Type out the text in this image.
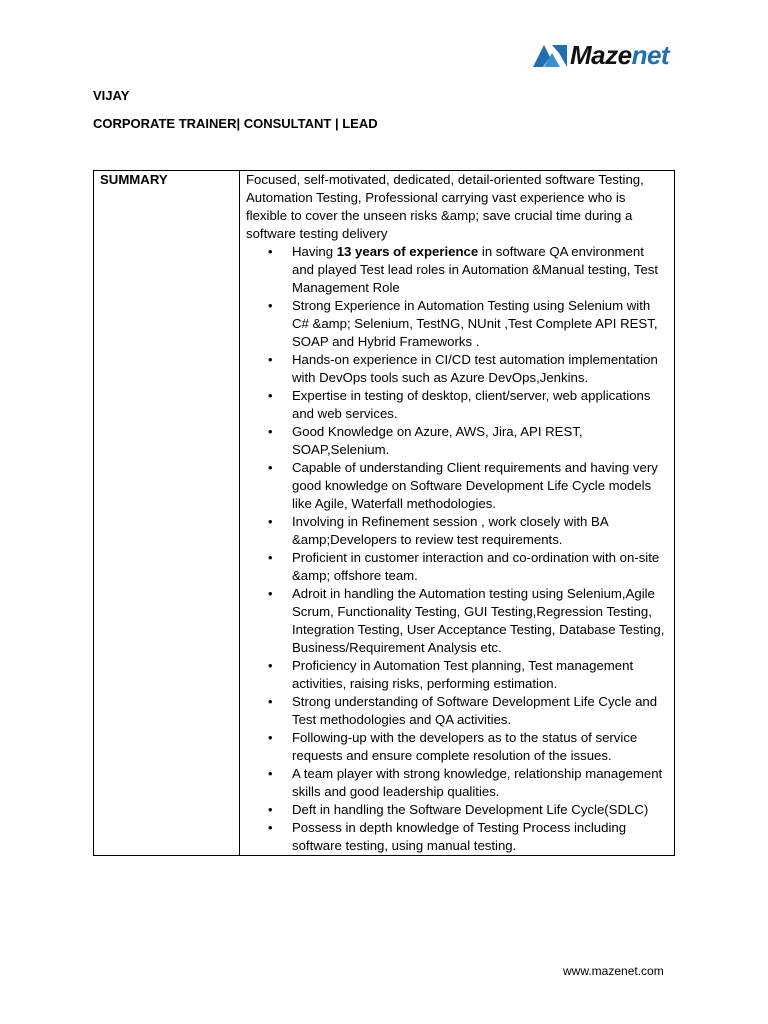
Mazenet
VIJAY
CORPORATE TRAINER| CONSULTANT | LEAD
SUMMARY	Focused, self-motivated, dedicated, detail-oriented software Testing, Automation Testing, Professional carrying vast experience who is flexible to cover the unseen risks &amp; save crucial time during a software testing delivery

• Having 13 years of experience in software QA environment and played Test lead roles in Automation &Manual testing, Test Management Role
• Strong Experience in Automation Testing using Selenium with C# &amp; Selenium, TestNG, NUnit ,Test Complete API REST, SOAP and Hybrid Frameworks .
• Hands-on experience in CI/CD test automation implementation with DevOps tools such as Azure DevOps,Jenkins.
• Expertise in testing of desktop, client/server, web applications and web services.
• Good Knowledge on Azure, AWS, Jira, API REST, SOAP,Selenium.
• Capable of understanding Client requirements and having very good knowledge on Software Development Life Cycle models like Agile, Waterfall methodologies.
• Involving in Refinement session , work closely with BA &amp;Developers to review test requirements.
• Proficient in customer interaction and co-ordination with on-site &amp; offshore team.
• Adroit in handling the Automation testing using Selenium,Agile Scrum, Functionality Testing, GUI Testing,Regression Testing, Integration Testing, User Acceptance Testing, Database Testing, Business/Requirement Analysis etc.
• Proficiency in Automation Test planning, Test management activities, raising risks, performing estimation.
• Strong understanding of Software Development Life Cycle and Test methodologies and QA activities.
• Following-up with the developers as to the status of service requests and ensure complete resolution of the issues.
• A team player with strong knowledge, relationship management skills and good leadership qualities.
• Deft in handling the Software Development Life Cycle(SDLC)
• Possess in depth knowledge of Testing Process including software testing, using manual testing.
www.mazenet.com
